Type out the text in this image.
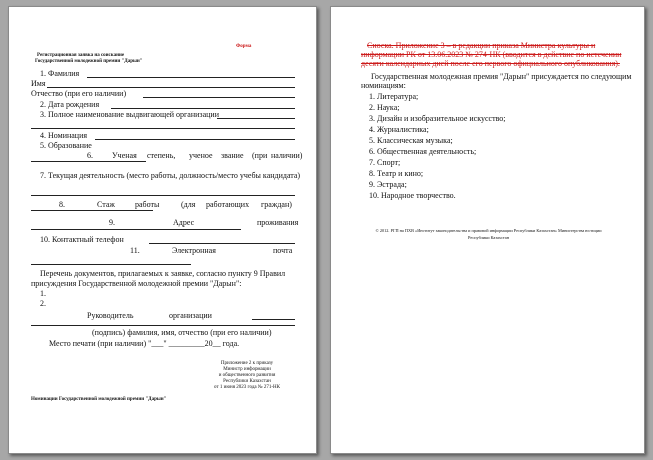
Форма
Регистрационная заявка на соискание
Государственной молодежной премии "Дарын"
1. Фамилия
Имя
Отчество (при его наличии)
2. Дата рождения
3. Полное наименование выдвигающей организации
4. Номинация
5. Образование
6. Ученая степень, ученое звание (при наличии)
7. Текущая деятельность (место работы, должность/место учебы кандидата)
8.	Стаж	работы	(для работающих граждан)
9.	Адрес	проживания
10. Контактный телефон
11.	Электронная	почта
Перечень документов, прилагаемых к заявке, согласно пункту 9 Правил
присуждения Государственной молодежной премии "Дарын":
1.
2.
Руководитель	организации
(подпись) фамилия, имя, отчество (при его наличии)
Место печати (при наличии) "___" _________20__ года.
Приложение 2 к приказу
Министр информации
и общественного развития
Республики Казахстан
от 1 июня 2023 года № 271-НК
Номинации Государственной молодежной премии "Дарын"
Сноска. Приложение 3 – в редакции приказа Министра культуры и
информации РК от 13.06.2023 № 274-НК (вводится в действие по истечении
десяти календарных дней после его первого официального опубликования).
Государственная молодежная премия "Дарын" присуждается по следующим
номинациям:
1. Литература;
2. Наука;
3. Дизайн и изобразительное искусство;
4. Журналистика;
5. Классическая музыка;
6. Общественная деятельность;
7. Спорт;
8. Театр и кино;
9. Эстрада;
10. Народное творчество.
© 2012. РГП на ПХВ «Институт законодательства и правовой информации Республики Казахстан» Министерства юстиции
Республики Казахстан
